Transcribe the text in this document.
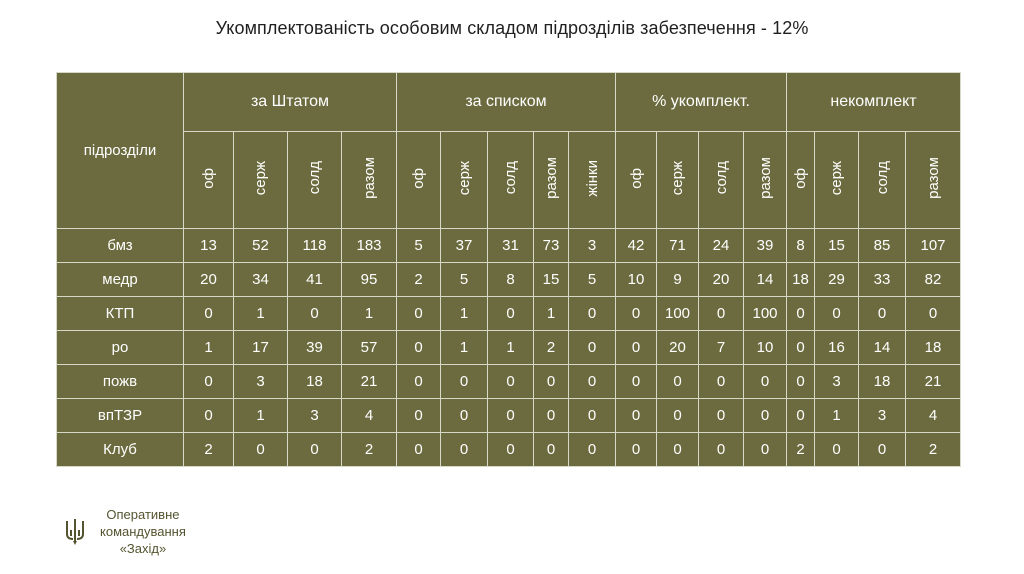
Укомплектованість особовим складом підрозділів забезпечення - 12%
підрозділи	за Штатом				за списком					% укомплект.				некомплект			
	оф	серж	солд	разом	оф	серж	солд	разом	жінки	оф	серж	солд	разом	оф	серж	солд	разом
бмз	13	52	118	183	5	37	31	73	3	42	71	24	39	8	15	85	107
медр	20	34	41	95	2	5	8	15	5	10	9	20	14	18	29	33	82
КТП	0	1	0	1	0	1	0	1	0	0	100	0	100	0	0	0	0
ро	1	17	39	57	0	1	1	2	0	0	20	7	10	0	16	14	18
пожв	0	3	18	21	0	0	0	0	0	0	0	0	0	0	3	18	21
впТЗР	0	1	3	4	0	0	0	0	0	0	0	0	0	0	1	3	4
Клуб	2	0	0	2	0	0	0	0	0	0	0	0	0	2	0	0	2
Оперативне
командування
«Захід»
